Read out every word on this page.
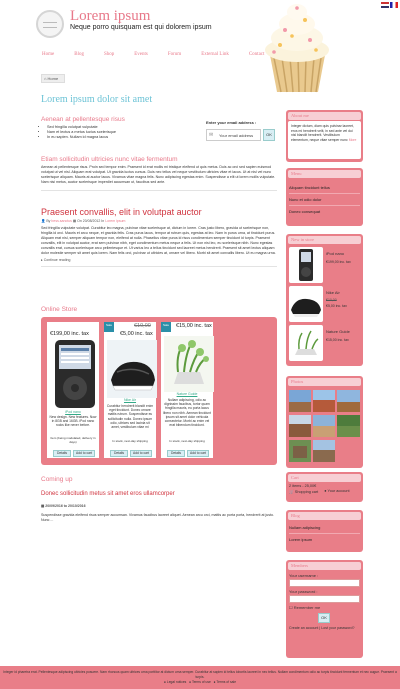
Lorem ipsum
Neque porro quisquam est qui dolorem ipsum
Home	Blog	Shop	Events	Forum	External Link	Contact
⌂ Home
Lorem ipsum dolor sit amet
Aenean at pellentesque risus
• Sed fringilla volutpat vulputate
• Nam et lectus a metus luctus scelerisque
• In eu sapien. Nullam id magna lacus
Enter your email address :
✉ Your email address	OK
Etiam sollicitudin ultricies nunc vitae fermentum
Aenean at pellentesque risus. Proin sed tempor enim. Praesent id erat mollis mi tristique eleifend ut quis metus. Duis ac orci sed sapien euismod volutpat ut vel nisl. Aliquam erat volutpat. Ut gravida luctus cursus. Duis nec tellus vel neque vestibulum ultricies vitae et lacus. Ut at nisl vel nunc scelerisque aliquam. Mauris at auctor lacus. Vivamus vitae magna felis. Nunc adipiscing egestas enim. Suspendisse a elit ut lorem mollis vulputate. Nam nisi metus, auctor scelerisque imperdiet accumsan ut, faucibus sed ante.
Praesent convallis, elit in volutpat auctor
👤 By bess.sanctus ▦ On 20/08/2012 In Lorem ipsum
Sed fringilla vulputate volutpat. Curabitur leo magna, pulvinar vitae scelerisque at, dictum in lorem. Cras justo libero, gravida ut scelerisque non, fringilla id orci. Mauris et arcu neque, et gravida felis. Cras purus lacus, tempor at rutrum quis, egestas at leo. Nam in purus urna, at tincidunt purus. Aliquam erat nisl, semper aliquam tempor non, eleifend at nulla. Phasellus vitae purus id risus condimentum semper tincidunt id turpis. Praesent convallis, elit in volutpat auctor, erat sem pulvinar nibh, eget condimentum metus neque a felis. Ut non nisi leo, eu scelerisque nibh. Nunc egestas convallis erat, cursus scelerisque arcu pellentesque et. Ut varius leo a tellus tincidunt sed laoreet metus hendrerit. Praesent sit amet lectus aliquam dolor molestie semper sit amet quis lorem. Nam felis orci, pulvinar ut ultricies at, ornare vel libero. Morbi sit amet convallis libero. Ut eu magna urna.
▸ Continue reading
Online Store
€199,00 inc. tax
iPod nano
New design. New features. Now in 8GB and 16GB. iPod nano rocks like never before.
Item (being modulated, delivery in days)
Details	Add to cart
Sale	€10,00
€5,00 inc. tax
Nike Air
Curabitur hendrerit blandit enim eget tincidunt. Donec ornare mattis rutrum. Suspendisse eu sollicitudin nulla. Donec ipsum odio, ultrices sed lacinia sit amet, vestibulum vitae mi
In stock, next-day shipping
Details	Add to cart
Sale	€15,00 inc. tax
Nature Guide
Nullam adipiscing, odio ac dignissim faucibus, tortor quam fringilla mauris, eu porta lacus libero non nibh. Aenean tincidunt ipsum sit amet dolor vehicula consectetur. Morbi ac enim vel erat bibendum tincidunt.
In stock, next-day shipping
Details	Add to cart
Coming up
Donec sollicitudin metus sit amet eros ullamcorper
▦ 20/09/2016 to 20/10/2016
Suspendisse gravida eleifend risus semper accumsan. Vivamus faucibus laoreet aliquet. Aenean arcu orci, mattis ac porta porta, hendrerit at justo. Nunc ...
About me
Integer dictum, diam quis pulvinar laoreet, eros mi hendrerit velit, in sed ante vel dui nisl blandit hendrerit. Vestibulum elementum, neque vitae semper nunc More
Menu
Aliquam tincidunt tellus
Nunc et odio dolor
Donec consequat
New in store
iPod nano
€199,00 inc. tax
Nike Air
€10,00
€5,00 inc. tax
Nature Guide
€15,00 inc. tax
Photos
Cart
2 items - 25,00€
🛒 Shopping cart ● Your account
Blog
Nullam adipiscing
Lorem ipsum
Members
Your username :
Your password :
☐ Remember me
OK
Create an account | Lost your password?
Integer id pharetra erat. Pellentesque adipiscing ultricies posuere. Nam rhoncus quam ultrices urna porttitor at dictum urna semper. Curabitur at sapien id tellus lobortis laoreet in nec tellus. Nullam condimentum odio ac turpis tincidunt fermentum et nec augue. Praesent a turpis.
● Legal notices ● Terms of use ● Terms of sale
